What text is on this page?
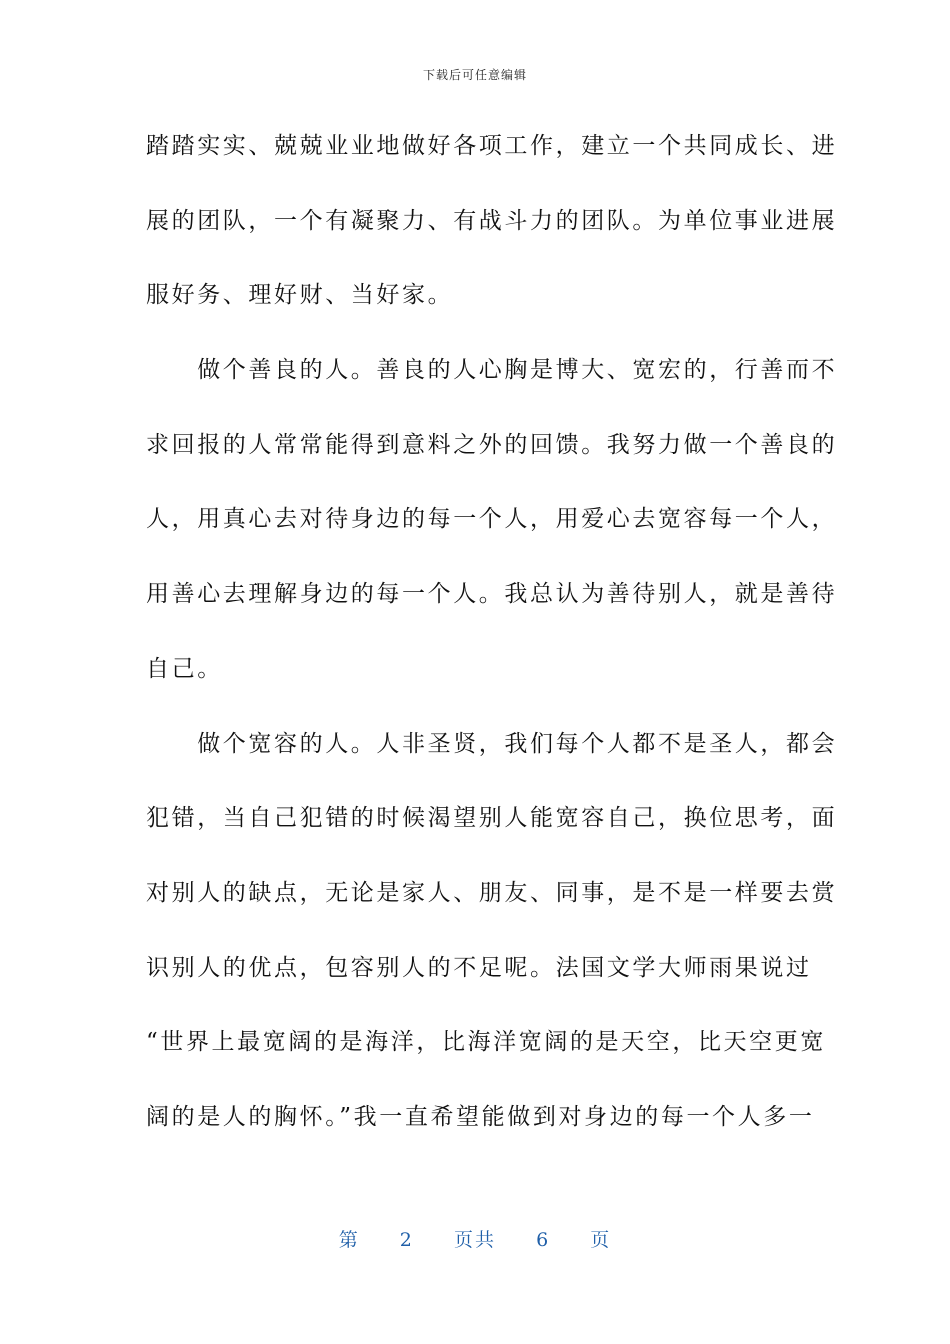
下载后可任意编辑
踏踏实实、兢兢业业地做好各项工作，建立一个共同成长、进
展的团队，一个有凝聚力、有战斗力的团队。为单位事业进展
服好务、理好财、当好家。
　　做个善良的人。善良的人心胸是博大、宽宏的，行善而不
求回报的人常常能得到意料之外的回馈。我努力做一个善良的
人，用真心去对待身边的每一个人，用爱心去宽容每一个人，
用善心去理解身边的每一个人。我总认为善待别人，就是善待
自己。
　　做个宽容的人。人非圣贤，我们每个人都不是圣人，都会
犯错，当自己犯错的时候渴望别人能宽容自己，换位思考，面
对别人的缺点，无论是家人、朋友、同事，是不是一样要去赏
识别人的优点，包容别人的不足呢。法国文学大师雨果说过
“世界上最宽阔的是海洋，比海洋宽阔的是天空，比天空更宽
阔的是人的胸怀。”我一直希望能做到对身边的每一个人多一
第 2 页共 6 页
